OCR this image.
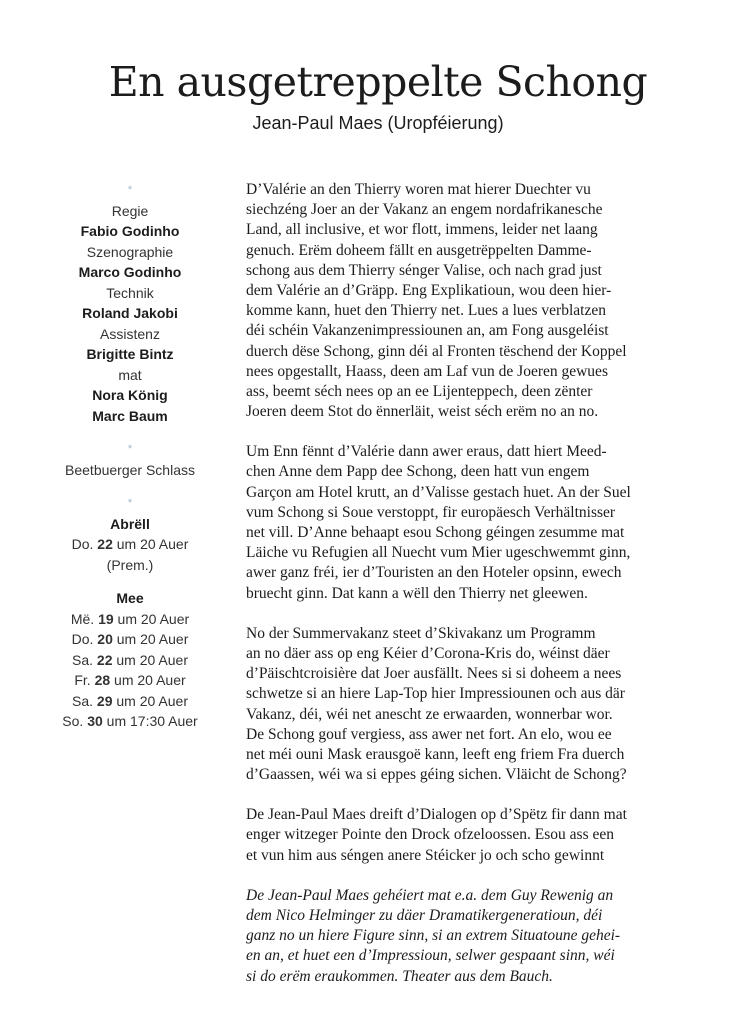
En ausgetreppelte Schong
Jean-Paul Maes (Uropféierung)
*
Regie
Fabio Godinho
Szenographie
Marco Godinho
Technik
Roland Jakobi
Assistenz
Brigitte Bintz
mat
Nora König
Marc Baum
*
Beetbuerger Schlass
*
Abrëll
Do. 22 um 20 Auer
(Prem.)
Mee
Më. 19 um 20 Auer
Do. 20 um 20 Auer
Sa. 22 um 20 Auer
Fr. 28 um 20 Auer
Sa. 29 um 20 Auer
So. 30 um 17:30 Auer
D’Valérie an den Thierry woren mat hierer Duechter vu
siechzéng Joer an der Vakanz an engem nordafrikanesche
Land, all inclusive, et wor flott, immens, leider net laang
genuch. Erëm doheem fällt en ausgetrëppelten Damme-
schong aus dem Thierry sénger Valise, och nach grad just
dem Valérie an d’Gräpp. Eng Explikatioun, wou deen hier-
komme kann, huet den Thierry net. Lues a lues verblatzen
déi schéin Vakanzenimpressiounen an, am Fong ausgeléist
duerch dëse Schong, ginn déi al Fronten tëschend der Koppel
nees opgestallt, Haass, deen am Laf vun de Joeren gewues
ass, beemt séch nees op an ee Lijenteppech, deen zënter
Joeren deem Stot do ënnerläit, weist séch erëm no an no.
Um Enn fënnt d’Valérie dann awer eraus, datt hiert Meed-
chen Anne dem Papp dee Schong, deen hatt vun engem
Garçon am Hotel krutt, an d’Valisse gestach huet. An der Suel
vum Schong si Soue verstoppt, fir europäesch Verhältnisser
net vill. D’Anne behaapt esou Schong géingen zesumme mat
Läiche vu Refugien all Nuecht vum Mier ugeschwemmt ginn,
awer ganz fréi, ier d’Touristen an den Hoteler opsinn, ewech
bruecht ginn. Dat kann a wëll den Thierry net gleewen.
No der Summervakanz steet d’Skivakanz um Programm
an no däer ass op eng Kéier d’Corona-Kris do, wéinst däer
d’Päischtcroisière dat Joer ausfällt. Nees si si doheem a nees
schwetze si an hiere Lap-Top hier Impressiounen och aus där
Vakanz, déi, wéi net anescht ze erwaarden, wonnerbar wor.
De Schong gouf vergiess, ass awer net fort. An elo, wou ee
net méi ouni Mask erausgoë kann, leeft eng friem Fra duerch
d’Gaassen, wéi wa si eppes géing sichen. Vläicht de Schong?
De Jean-Paul Maes dreift d’Dialogen op d’Spëtz fir dann mat
enger witzeger Pointe den Drock ofzeloossen. Esou ass een
et vun him aus séngen anere Stéicker jo och scho gewinnt
De Jean-Paul Maes gehéiert mat e.a. dem Guy Rewenig an
dem Nico Helminger zu däer Dramatikergeneratioun, déi
ganz no un hiere Figure sinn, si an extrem Situatoune gehei-
en an, et huet een d’Impressioun, selwer gespaant sinn, wéi
si do erëm eraukommen. Theater aus dem Bauch.
